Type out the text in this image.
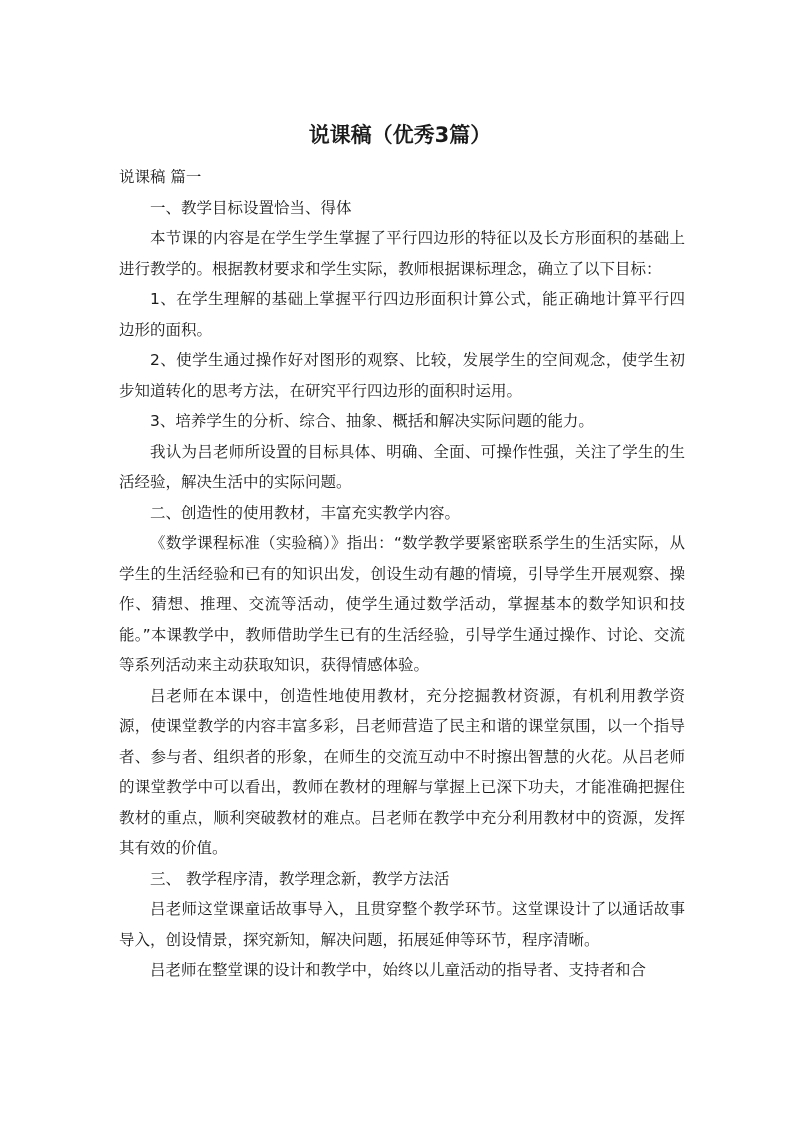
说课稿（优秀3篇）

说课稿 篇一

一、教学目标设置恰当、得体

本节课的内容是在学生学生掌握了平行四边形的特征以及长方形面积的基础上进行教学的。根据教材要求和学生实际，教师根据课标理念，确立了以下目标：

1、在学生理解的基础上掌握平行四边形面积计算公式，能正确地计算平行四边形的面积。

2、使学生通过操作好对图形的观察、比较，发展学生的空间观念，使学生初步知道转化的思考方法，在研究平行四边形的面积时运用。

3、培养学生的分析、综合、抽象、概括和解决实际问题的能力。

我认为吕老师所设置的目标具体、明确、全面、可操作性强，关注了学生的生活经验，解决生活中的实际问题。

二、创造性的使用教材，丰富充实教学内容。

《数学课程标准（实验稿）》指出：“数学教学要紧密联系学生的生活实际，从学生的生活经验和已有的知识出发，创设生动有趣的情境，引导学生开展观察、操作、猜想、推理、交流等活动，使学生通过数学活动，掌握基本的数学知识和技能。”本课教学中，教师借助学生已有的生活经验，引导学生通过操作、讨论、交流等系列活动来主动获取知识，获得情感体验。

吕老师在本课中，创造性地使用教材，充分挖掘教材资源，有机利用教学资源，使课堂教学的内容丰富多彩，吕老师营造了民主和谐的课堂氛围，以一个指导者、参与者、组织者的形象，在师生的交流互动中不时擦出智慧的火花。从吕老师的课堂教学中可以看出，教师在教材的理解与掌握上已深下功夫，才能准确把握住教材的重点，顺利突破教材的难点。吕老师在教学中充分利用教材中的资源，发挥其有效的价值。

三、 教学程序清，教学理念新，教学方法活

吕老师这堂课童话故事导入，且贯穿整个教学环节。这堂课设计了以通话故事导入，创设情景，探究新知，解决问题，拓展延伸等环节，程序清晰。

吕老师在整堂课的设计和教学中，始终以儿童活动的指导者、支持者和合
